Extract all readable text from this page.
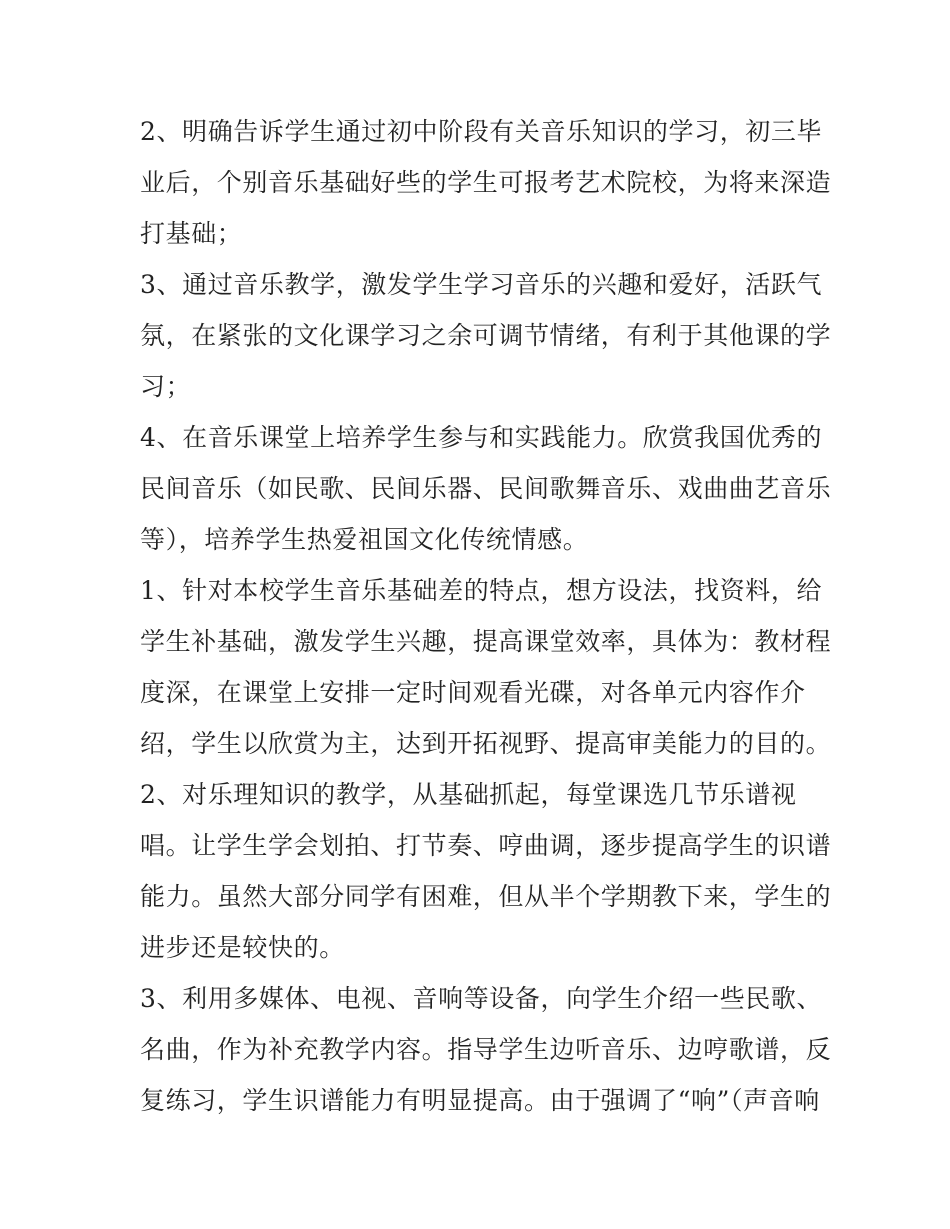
2、明确告诉学生通过初中阶段有关音乐知识的学习，初三毕
业后，个别音乐基础好些的学生可报考艺术院校，为将来深造
打基础；
3、通过音乐教学，激发学生学习音乐的兴趣和爱好，活跃气
氛，在紧张的文化课学习之余可调节情绪，有利于其他课的学
习；
4、在音乐课堂上培养学生参与和实践能力。欣赏我国优秀的
民间音乐（如民歌、民间乐器、民间歌舞音乐、戏曲曲艺音乐
等），培养学生热爱祖国文化传统情感。
1、针对本校学生音乐基础差的特点，想方设法，找资料，给
学生补基础，激发学生兴趣，提高课堂效率，具体为：教材程
度深，在课堂上安排一定时间观看光碟，对各单元内容作介
绍，学生以欣赏为主，达到开拓视野、提高审美能力的目的。
2、对乐理知识的教学，从基础抓起，每堂课选几节乐谱视
唱。让学生学会划拍、打节奏、哼曲调，逐步提高学生的识谱
能力。虽然大部分同学有困难，但从半个学期教下来，学生的
进步还是较快的。
3、利用多媒体、电视、音响等设备，向学生介绍一些民歌、
名曲，作为补充教学内容。指导学生边听音乐、边哼歌谱，反
复练习，学生识谱能力有明显提高。由于强调了“响”（声音响
